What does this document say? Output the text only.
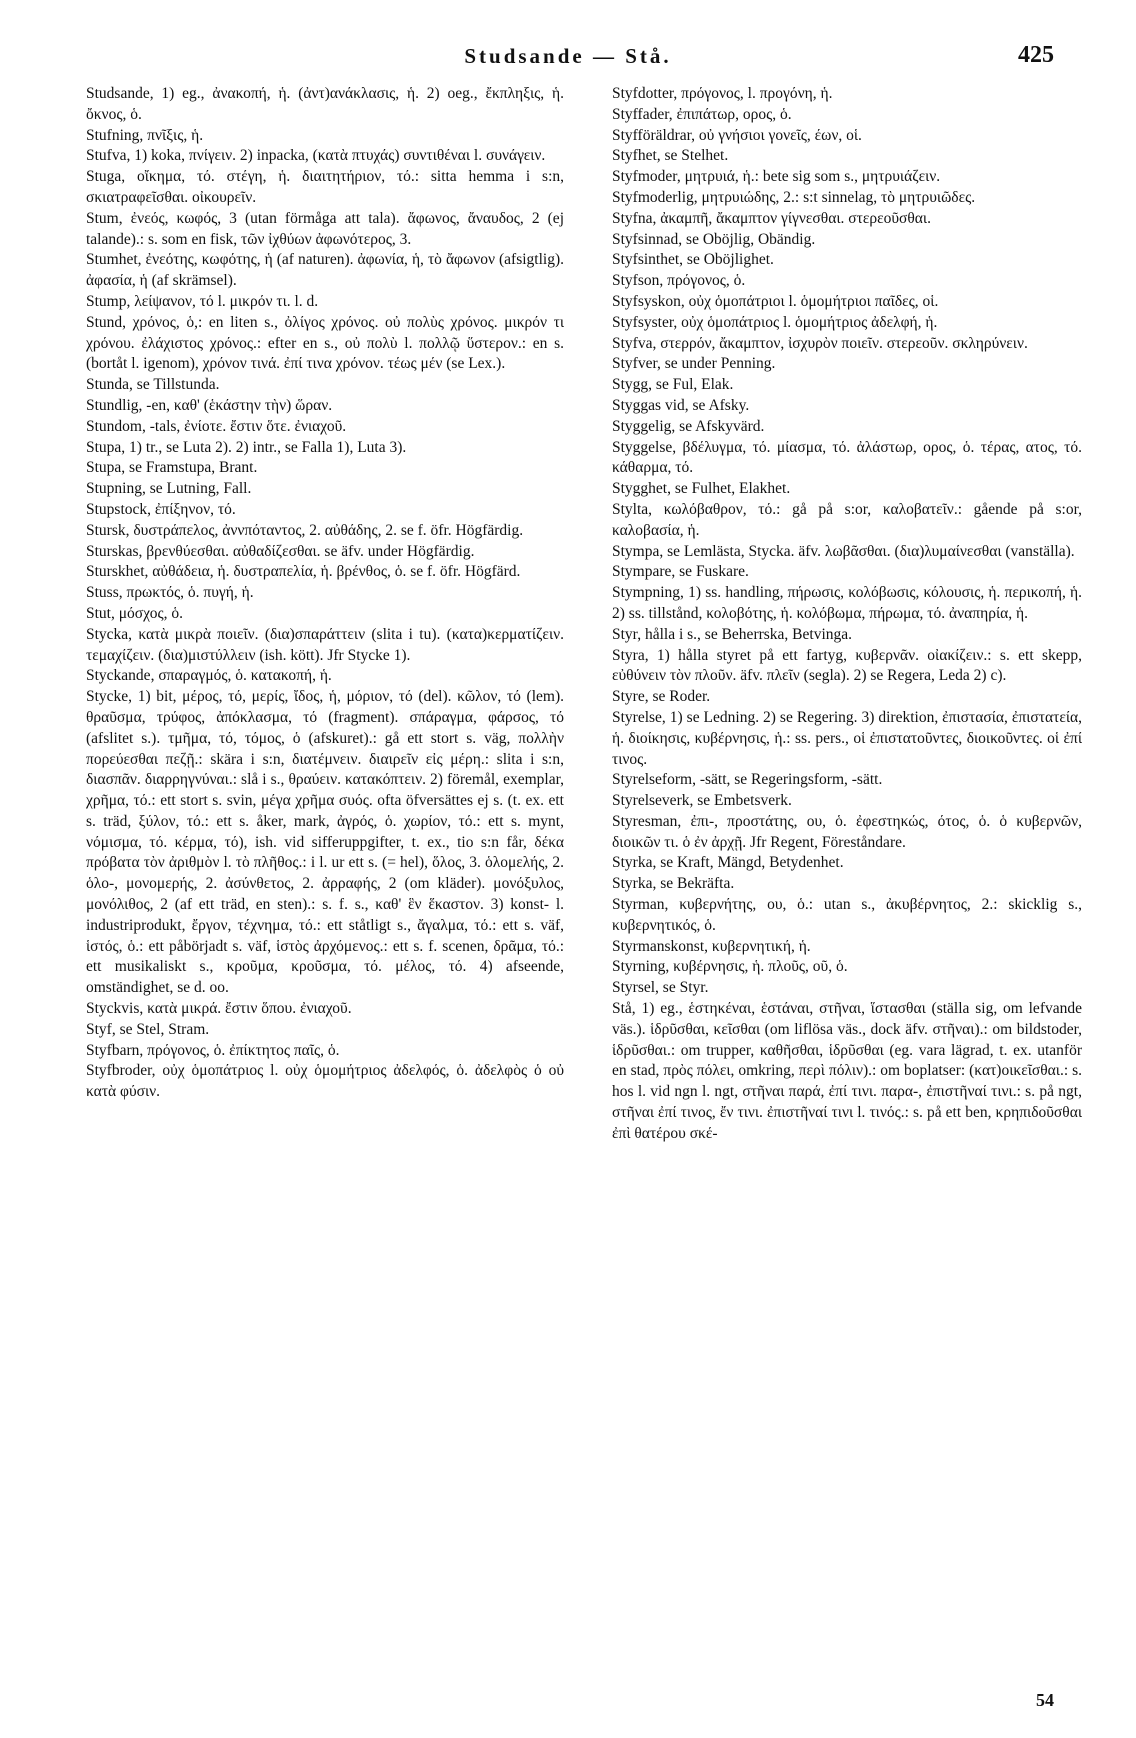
Studsande — Stå.	425

Studsande, 1) eg., ἀνακοπή, ἡ. (ἀντ)ανάκλασις, ἡ. 2) oeg., ἔκπληξις, ἡ. ὄκνος, ὁ.

Stufning, πνῖξις, ἡ.

Stufva, 1) koka, πνίγειν. 2) inpacka, (κατὰ πτυχάς) συντιθέναι l. συνάγειν.

Stuga, οἴκημα, τό. στέγη, ἡ. διαιτητήριον, τό.: sitta hemma i s:n, σκιατραφεῖσθαι. οἰκουρεῖν.

Stum, ἐνεός, κωφός, 3 (utan förmåga att tala). ἄφωνος, ἄναυδος, 2 (ej talande).: s. som en fisk, τῶν ἰχθύων ἀφωνότερος, 3.

Stumhet, ἐνεότης, κωφότης, ἡ (af naturen). ἀφωνία, ἡ, τὸ ἄφωνον (afsigtlig). ἀφασία, ἡ (af skrämsel).

Stump, λείψανον, τό l. μικρόν τι. l. d.

Stund, χρόνος, ὁ,: en liten s., ὀλίγος χρόνος. οὐ πολὺς χρόνος. μικρόν τι χρόνου. ἐλάχιστος χρόνος.: efter en s., οὐ πολὺ l. πολλῷ ὕστερον.: en s. (bortåt l. igenom), χρόνον τινά. ἐπί τινα χρόνον. τέως μέν (se Lex.).

Stunda, se Tillstunda.

Stundlig, -en, καθ' (ἑκάστην τὴν) ὥραν.

Stundom, -tals, ἐνίοτε. ἔστιν ὅτε. ἐνιαχοῦ.

Stupa, 1) tr., se Luta 2). 2) intr., se Falla 1), Luta 3).

Stupa, se Framstupa, Brant.

Stupning, se Lutning, Fall.

Stupstock, ἐπίξηνον, τό.

Stursk, δυστράπελος, ἀννπόταντος, 2. αὐθάδης, 2. se f. öfr. Högfärdig.

Sturskas, βρενθύεσθαι. αὐθαδίζεσθαι. se äfv. under Högfärdig.

Sturskhet, αὐθάδεια, ἡ. δυστραπελία, ἡ. βρένθος, ὁ. se f. öfr. Högfärd.

Stuss, πρωκτός, ὁ. πυγή, ἡ.

Stut, μόσχος, ὁ.

Stycka, κατὰ μικρὰ ποιεῖν. (δια)σπαράττειν (slita i tu). (κατα)κερματίζειν. τεμαχίζειν. (δια)μιστύλλειν (ish. kött). Jfr Stycke 1).

Styckande, σπαραγμός, ὁ. κατακοπή, ἡ.

Stycke, 1) bit, μέρος, τό, μερίς, ἴδος, ἡ, μόριον, τό (del). κῶλον, τό (lem). θραῦσμα, τρύφος, ἀπόκλασμα, τό (fragment). σπάραγμα, φάρσος, τό (afslitet s.). τμῆμα, τό, τόμος, ὁ (afskuret).: gå ett stort s. väg, πολλὴν πορεύεσθαι πεζῇ.: skära i s:n, διατέμνειν. διαιρεῖν εἰς μέρη.: slita i s:n, διασπᾶν. διαρρηγνύναι.: slå i s., θραύειν. κατακόπτειν. 2) föremål, exemplar, χρῆμα, τό.: ett stort s. svin, μέγα χρῆμα συός. ofta öfversättes ej s. (t. ex. ett s. träd, ξύλον, τό.: ett s. åker, mark, ἀγρός, ὁ. χωρίον, τό.: ett s. mynt, νόμισμα, τό. κέρμα, τό), ish. vid sifferuppgifter, t. ex., tio s:n får, δέκα πρόβατα τὸν ἀριθμὸν l. τὸ πλῆθος.: i l. ur ett s. (= hel), ὅλος, 3. ὁλομελής, 2. ὁλο-, μονομερής, 2. ἀσύνθετος, 2. ἀρραφής, 2 (om kläder). μονόξυλος, μονόλιθος, 2 (af ett träd, en sten).: s. f. s., καθ' ἓν ἕκαστον. 3) konst- l. industriprodukt, ἔργον, τέχνημα, τό.: ett ståtligt s., ἄγαλμα, τό.: ett s. väf, ἱστός, ὁ.: ett påbörjadt s. väf, ἱστὸς ἀρχόμενος.: ett s. f. scenen, δρᾶμα, τό.: ett musikaliskt s., κροῦμα, κροῦσμα, τό. μέλος, τό. 4) afseende, omständighet, se d. oo.

Styckvis, κατὰ μικρά. ἔστιν ὅπου. ἐνιαχοῦ.

Styf, se Stel, Stram.

Styfbarn, πρόγονος, ὁ. ἐπίκτητος παῖς, ὁ.

Styfbroder, οὐχ ὁμοπάτριος l. οὐχ ὁμομήτριος ἀδελφός, ὁ. ἀδελφὸς ὁ οὐ κατὰ φύσιν.

Styfdotter, πρόγονος, l. προγόνη, ἡ.

Styffader, ἐπιπάτωρ, ορος, ὁ.

Styfföräldrar, οὐ γνήσιοι γονεῖς, έων, οἱ.

Styfhet, se Stelhet.

Styfmoder, μητρυιά, ἡ.: bete sig som s., μητρυιάζειν.

Styfmoderlig, μητρυιώδης, 2.: s:t sinnelag, τὸ μητρυιῶδες.

Styfna, ἀκαμπῆ, ἄκαμπτον γίγνεσθαι. στερεοῦσθαι.

Styfsinnad, se Oböjlig, Obändig.

Styfsinthet, se Oböjlighet.

Styfson, πρόγονος, ὁ.

Styfsyskon, οὐχ ὁμοπάτριοι l. ὁμομήτριοι παῖδες, οἱ.

Styfsyster, οὐχ ὁμοπάτριος l. ὁμομήτριος ἀδελφή, ἡ.

Styfva, στερρόν, ἄκαμπτον, ἰσχυρὸν ποιεῖν. στερεοῦν. σκληρύνειν.

Styfver, se under Penning.

Stygg, se Ful, Elak.

Styggas vid, se Afsky.

Styggelig, se Afskyvärd.

Styggelse, βδέλυγμα, τό. μίασμα, τό. ἀλάστωρ, ορος, ὁ. τέρας, ατος, τό. κάθαρμα, τό.

Stygghet, se Fulhet, Elakhet.

Stylta, κωλόβαθρον, τό.: gå på s:or, καλοβατεῖν.: gående på s:or, καλοβασία, ἡ.

Stympa, se Lemlästa, Stycka. äfv. λωβᾶσθαι. (δια)λυμαίνεσθαι (vanställa).

Stympare, se Fuskare.

Stympning, 1) ss. handling, πήρωσις, κολόβωσις, κόλουσις, ἡ. περικοπή, ἡ. 2) ss. tillstånd, κολοβότης, ἡ. κολόβωμα, πήρωμα, τό. ἀναπηρία, ἡ.

Styr, hålla i s., se Beherrska, Betvinga.

Styra, 1) hålla styret på ett fartyg, κυβερνᾶν. οἰακίζειν.: s. ett skepp, εὐθύνειν τὸν πλοῦν. äfv. πλεῖν (segla). 2) se Regera, Leda 2) c).

Styre, se Roder.

Styrelse, 1) se Ledning. 2) se Regering. 3) direktion, ἐπιστασία, ἐπιστατεία, ἡ. διοίκησις, κυβέρνησις, ἡ.: ss. pers., οἱ ἐπιστατοῦντες, διοικοῦντες. οἱ ἐπί τινος.

Styrelseform, -sätt, se Regeringsform, -sätt.

Styrelseverk, se Embetsverk.

Styresman, ἐπι-, προστάτης, ου, ὁ. ἐφεστηκώς, ότος, ὁ. ὁ κυβερνῶν, διοικῶν τι. ὁ ἐν ἀρχῇ. Jfr Regent, Föreståndare.

Styrka, se Kraft, Mängd, Betydenhet.

Styrka, se Bekräfta.

Styrman, κυβερνήτης, ου, ὁ.: utan s., ἀκυβέρνητος, 2.: skicklig s., κυβερνητικός, ὁ.

Styrmanskonst, κυβερνητική, ἡ.

Styrning, κυβέρνησις, ἡ. πλοῦς, οῦ, ὁ.

Styrsel, se Styr.

Stå, 1) eg., ἑστηκέναι, ἑστάναι, στῆναι, ἵστασθαι (ställa sig, om lefvande väs.). ἱδρῦσθαι, κεῖσθαι (om liflösa väs., dock äfv. στῆναι).: om bildstoder, ἱδρῦσθαι.: om trupper, καθῆσθαι, ἱδρῦσθαι (eg. vara lägrad, t. ex. utanför en stad, πρὸς πόλει, omkring, περὶ πόλιν).: om boplatser: (κατ)οικεῖσθαι.: s. hos l. vid ngn l. ngt, στῆναι παρά, ἐπί τινι. παρα-, ἐπιστῆναί τινι.: s. på ngt, στῆναι ἐπί τινος, ἔν τινι. ἐπιστῆναί τινι l. τινός.: s. på ett ben, κρηπιδοῦσθαι ἐπὶ θατέρου σκέ-

54
